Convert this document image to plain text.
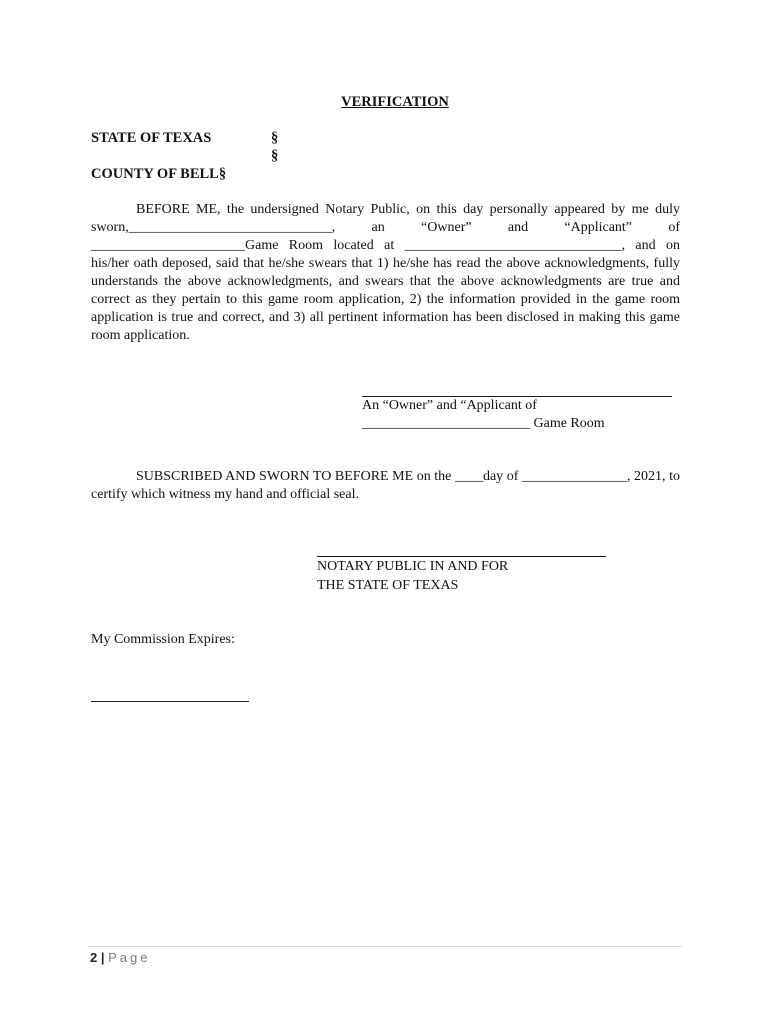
VERIFICATION
STATE OF TEXAS	§
§
COUNTY OF BELL§
BEFORE ME, the undersigned Notary Public, on this day personally appeared by me duly sworn,_____________________________, an “Owner” and “Applicant” of ______________________Game Room located at _______________________________, and on his/her oath deposed, said that he/she swears that 1) he/she has read the above acknowledgments, fully understands the above acknowledgments, and swears that the above acknowledgments are true and correct as they pertain to this game room application, 2) the information provided in the game room application is true and correct, and 3) all pertinent information has been disclosed in making this game room application.
An “Owner” and “Applicant of
________________________ Game Room
SUBSCRIBED AND SWORN TO BEFORE ME on the ____day of _______________, 2021, to certify which witness my hand and official seal.
NOTARY PUBLIC IN AND FOR
THE STATE OF TEXAS
My Commission Expires:
2 | Page
